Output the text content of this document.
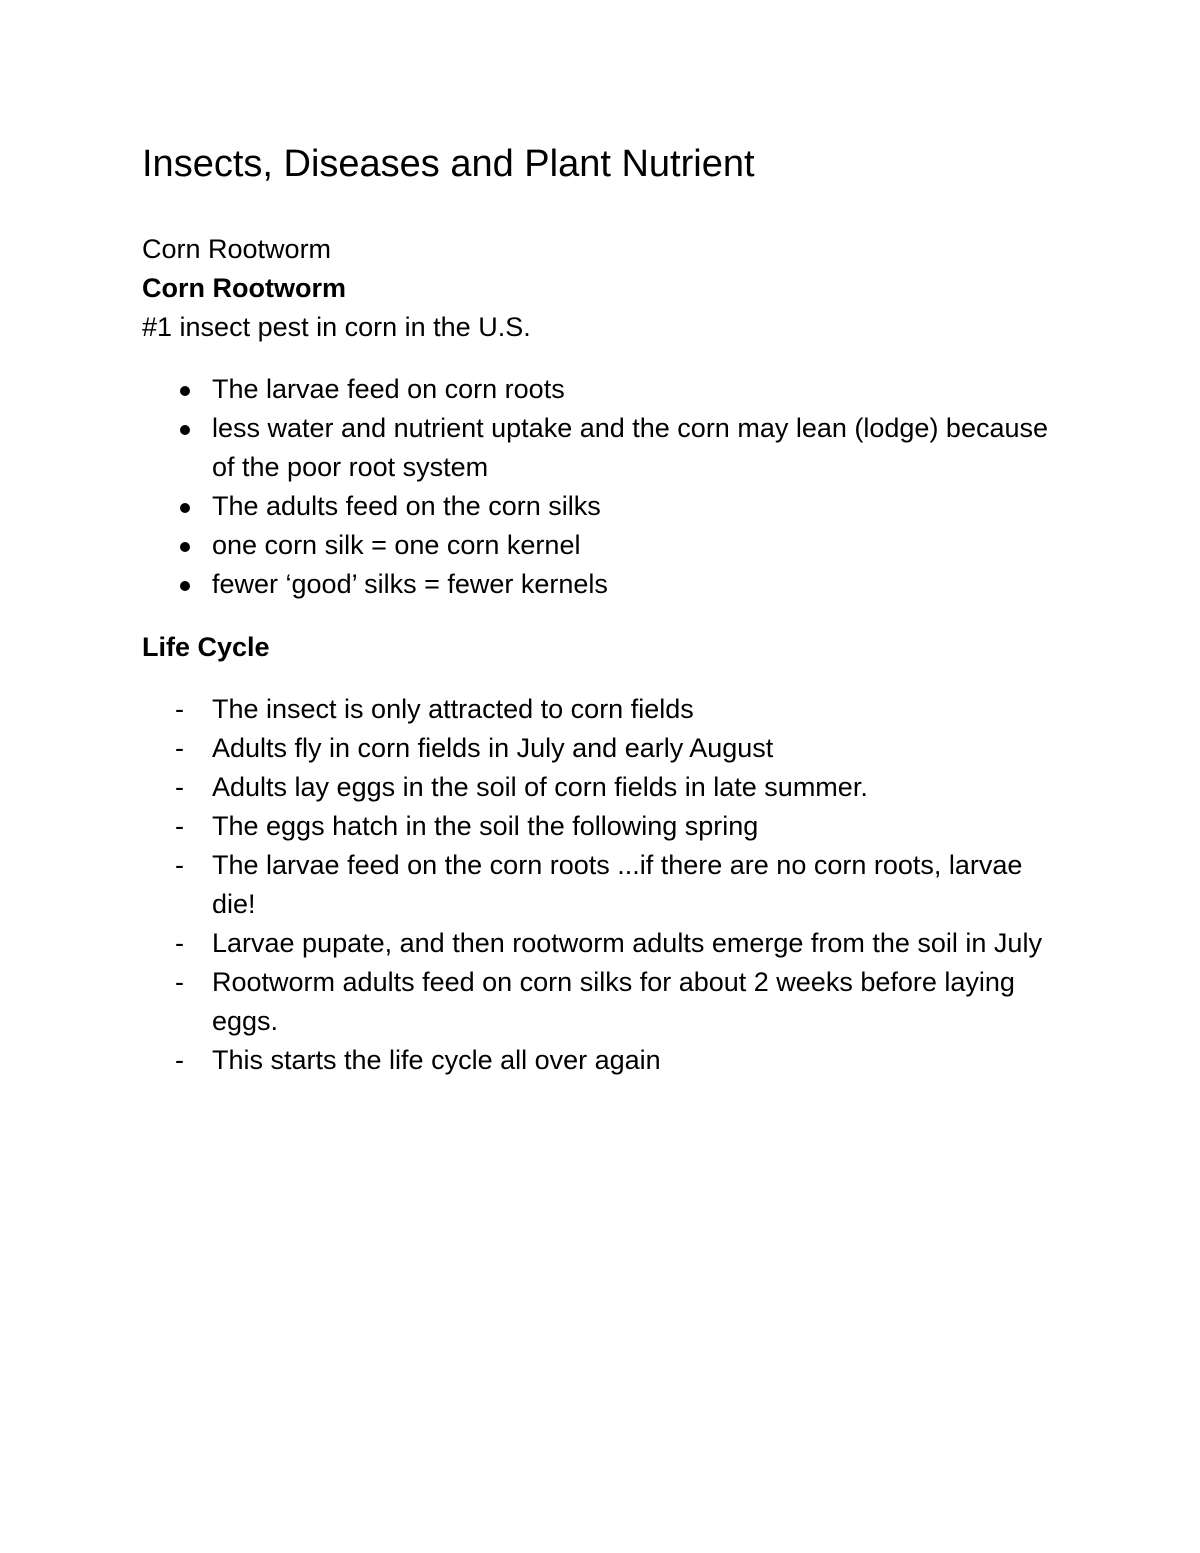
Insects, Diseases and Plant Nutrient

Corn Rootworm

Corn Rootworm

#1 insect pest in corn in the U.S.

The larvae feed on corn roots
less water and nutrient uptake and the corn may lean (lodge) because of the poor root system
The adults feed on the corn silks
one corn silk = one corn kernel
fewer ‘good’ silks = fewer kernels

Life Cycle

- The insect is only attracted to corn fields
- Adults fly in corn fields in July and early August
- Adults lay eggs in the soil of corn fields in late summer.
- The eggs hatch in the soil the following spring
- The larvae feed on the corn roots ...if there are no corn roots, larvae die!
- Larvae pupate, and then rootworm adults emerge from the soil in July
- Rootworm adults feed on corn silks for about 2 weeks before laying eggs.
- This starts the life cycle all over again
